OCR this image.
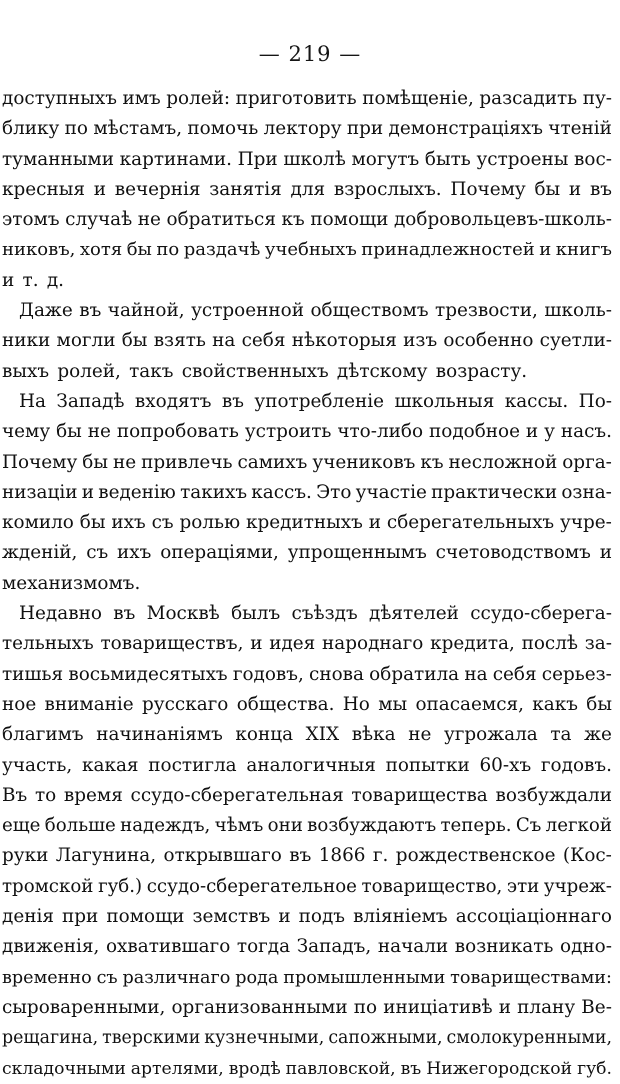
— 219 —
доступныхъ имъ ролей: приготовить помѣщеніе, разсадить пу-
блику по мѣстамъ, помочь лектору при демонстраціяхъ чтеній
туманными картинами. При школѣ могутъ быть устроены вос-
кресныя и вечернія занятія для взрослыхъ. Почему бы и въ
этомъ случаѣ не обратиться къ помощи добровольцевъ-школь-
никовъ, хотя бы по раздачѣ учебныхъ принадлежностей и книгъ
и т. д.
Даже въ чайной, устроенной обществомъ трезвости, школь-
ники могли бы взять на себя нѣкоторыя изъ особенно суетли-
выхъ ролей, такъ свойственныхъ дѣтскому возрасту.
На Западѣ входятъ въ употребленіе школьныя кассы. По-
чему бы не попробовать устроить что-либо подобное и у насъ.
Почему бы не привлечь самихъ учениковъ къ несложной орга-
низаціи и веденію такихъ кассъ. Это участіе практически озна-
комило бы ихъ съ ролью кредитныхъ и сберегательныхъ учре-
жденій, съ ихъ операціями, упрощеннымъ счетоводствомъ и
механизмомъ.
Недавно въ Москвѣ былъ съѣздъ дѣятелей ссудо-сберега-
тельныхъ товариществъ, и идея народнаго кредита, послѣ за-
тишья восьмидесятыхъ годовъ, снова обратила на себя серьез-
ное вниманіе русскаго общества. Но мы опасаемся, какъ бы
благимъ начинаніямъ конца XIX вѣка не угрожала та же
участь, какая постигла аналогичныя попытки 60-хъ годовъ.
Въ то время ссудо-сберегательная товарищества возбуждали
еще больше надеждъ, чѣмъ они возбуждаютъ теперь. Съ легкой
руки Лагунина, открывшаго въ 1866 г. рождественское (Кос-
тромской губ.) ссудо-сберегательное товарищество, эти учреж-
денія при помощи земствъ и подъ вліяніемъ ассоціаціоннаго
движенія, охватившаго тогда Западъ, начали возникать одно-
временно съ различнаго рода промышленными товариществами:
сыроваренными, организованными по иниціативѣ и плану Ве-
рещагина, тверскими кузнечными, сапожными, смолокуренными,
складочными артелями, вродѣ павловской, въ Нижегородской губ.
